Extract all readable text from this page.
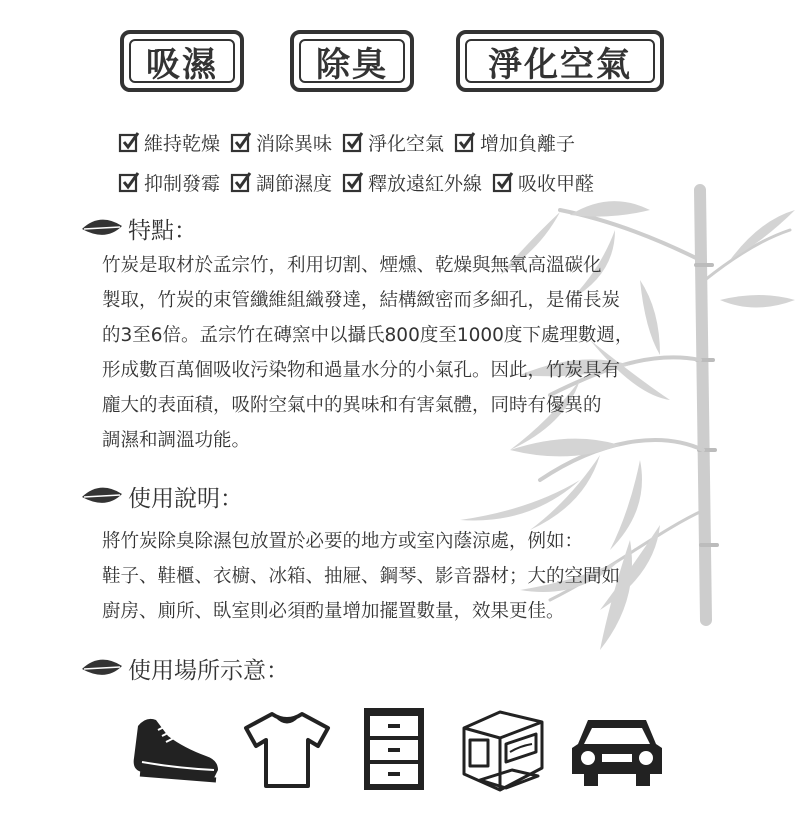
吸濕	除臭	淨化空氣
維持乾燥 消除異味 淨化空氣 增加負離子
抑制發霉 調節濕度 釋放遠紅外線 吸收甲醛
特點：
竹炭是取材於孟宗竹，利用切割、煙燻、乾燥與無氧高溫碳化
製取，竹炭的束管纖維組織發達，結構緻密而多細孔，是備長炭
的3至6倍。孟宗竹在磚窯中以攝氏800度至1000度下處理數週，
形成數百萬個吸收污染物和過量水分的小氣孔。因此，竹炭具有
龐大的表面積，吸附空氣中的異味和有害氣體，同時有優異的
調濕和調溫功能。
使用說明：
將竹炭除臭除濕包放置於必要的地方或室內蔭涼處，例如：
鞋子、鞋櫃、衣櫥、冰箱、抽屜、鋼琴、影音器材；大的空間如
廚房、廁所、臥室則必須酌量增加擺置數量，效果更佳。
使用場所示意：
